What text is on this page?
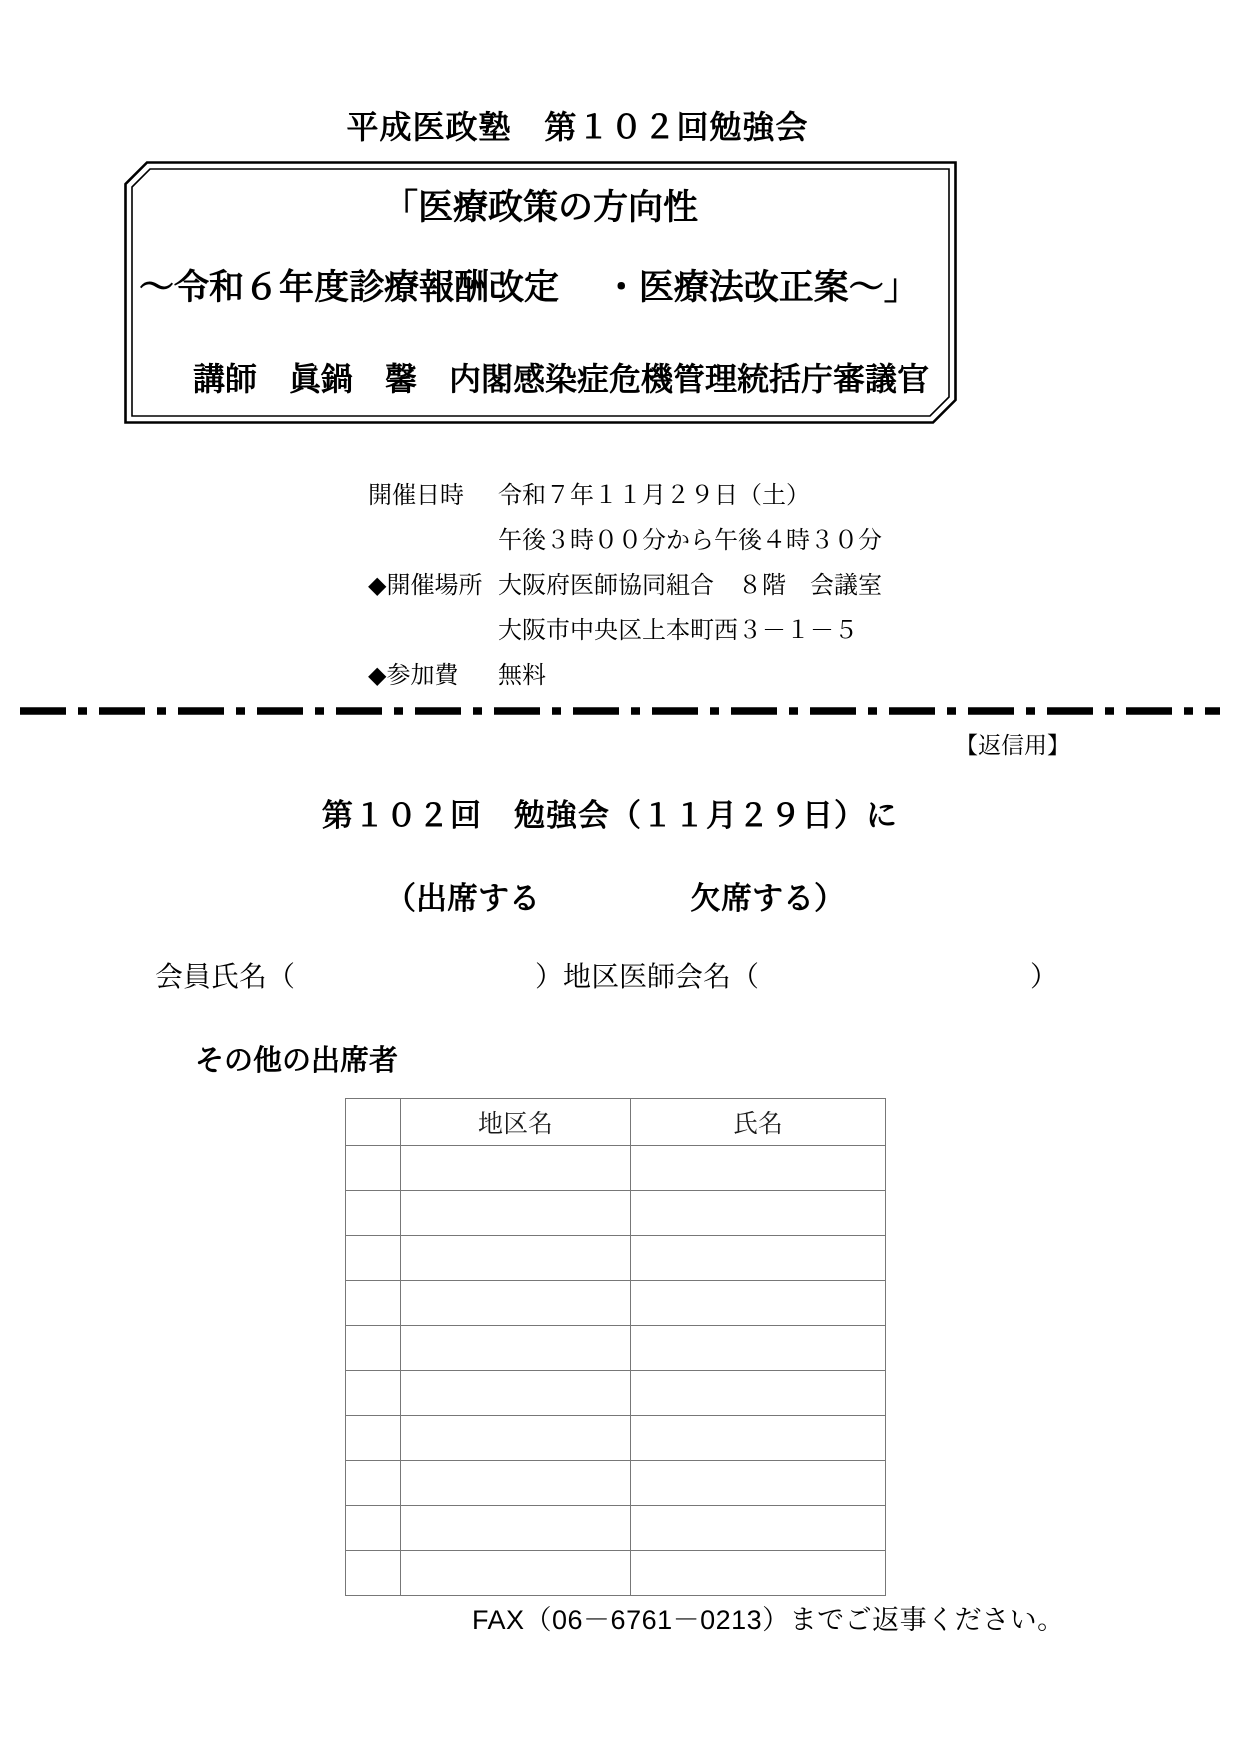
平成医政塾　第１０２回勉強会
「医療政策の方向性
～令和６年度診療報酬改定　 ・医療法改正案～」
講師　眞鍋　馨　内閣感染症危機管理統括庁審議官
開催日時	令和７年１１月２９日（土）
午後３時００分から午後４時３０分
◆開催場所 大阪府医師協同組合　８階　会議室
大阪市中央区上本町西３－１－５
◆参加費	無料
【返信用】
第１０２回　勉強会（１１月２９日）に
（出席する	欠席する）
会員氏名（	）地区医師会名（	）
その他の出席者
	地区名	氏名

FAX（06－6761－0213）までご返事ください。
